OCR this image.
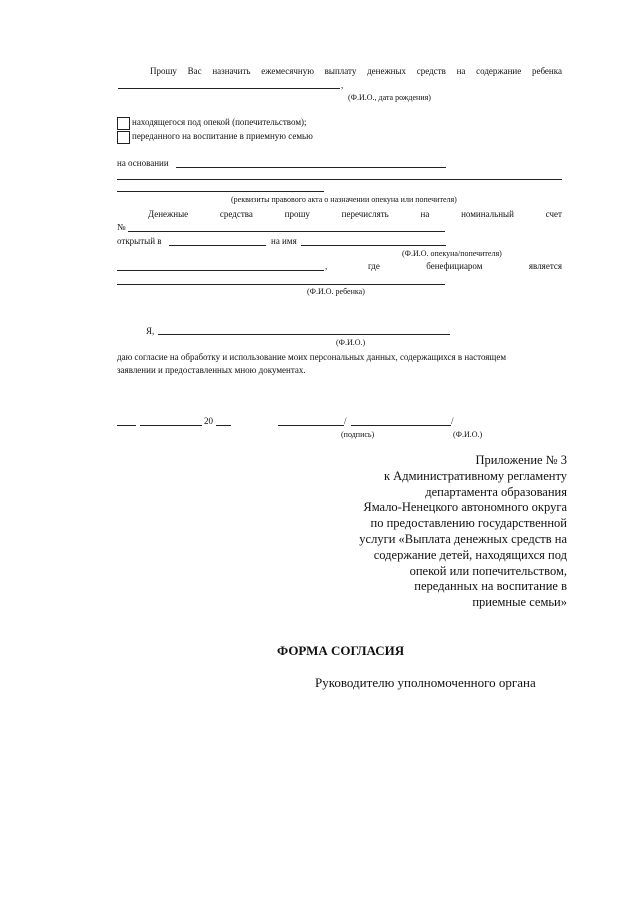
Прошу Вас назначить ежемесячную выплату денежных средств на содержание ребенка
,
(Ф.И.О., дата рождения)
находящегося под опекой (попечительством);
переданного на воспитание в приемную семью
на основании
(реквизиты правового акта о назначении опекуна или попечителя)
Денежные	средства	прошу	перечислять	на	номинальный	счет
№
открытый в	на имя
(Ф.И.О. опекуна/попечителя)
,	где	бенефициаром	является
(Ф.И.О. ребенка)
Я,
(Ф.И.О.)
даю согласие на обработку и использование моих персональных данных, содержащихся в настоящем
заявлении и предоставленных мною документах.
20	/	/
(подпись)	(Ф.И.О.)
Приложение № 3
к Административному регламенту
департамента образования
Ямало-Ненецкого автономного округа
по предоставлению государственной
услуги «Выплата денежных средств на
содержание детей, находящихся под
опекой или попечительством,
переданных на воспитание в
приемные семьи»
ФОРМА СОГЛАСИЯ
Руководителю уполномоченного органа
